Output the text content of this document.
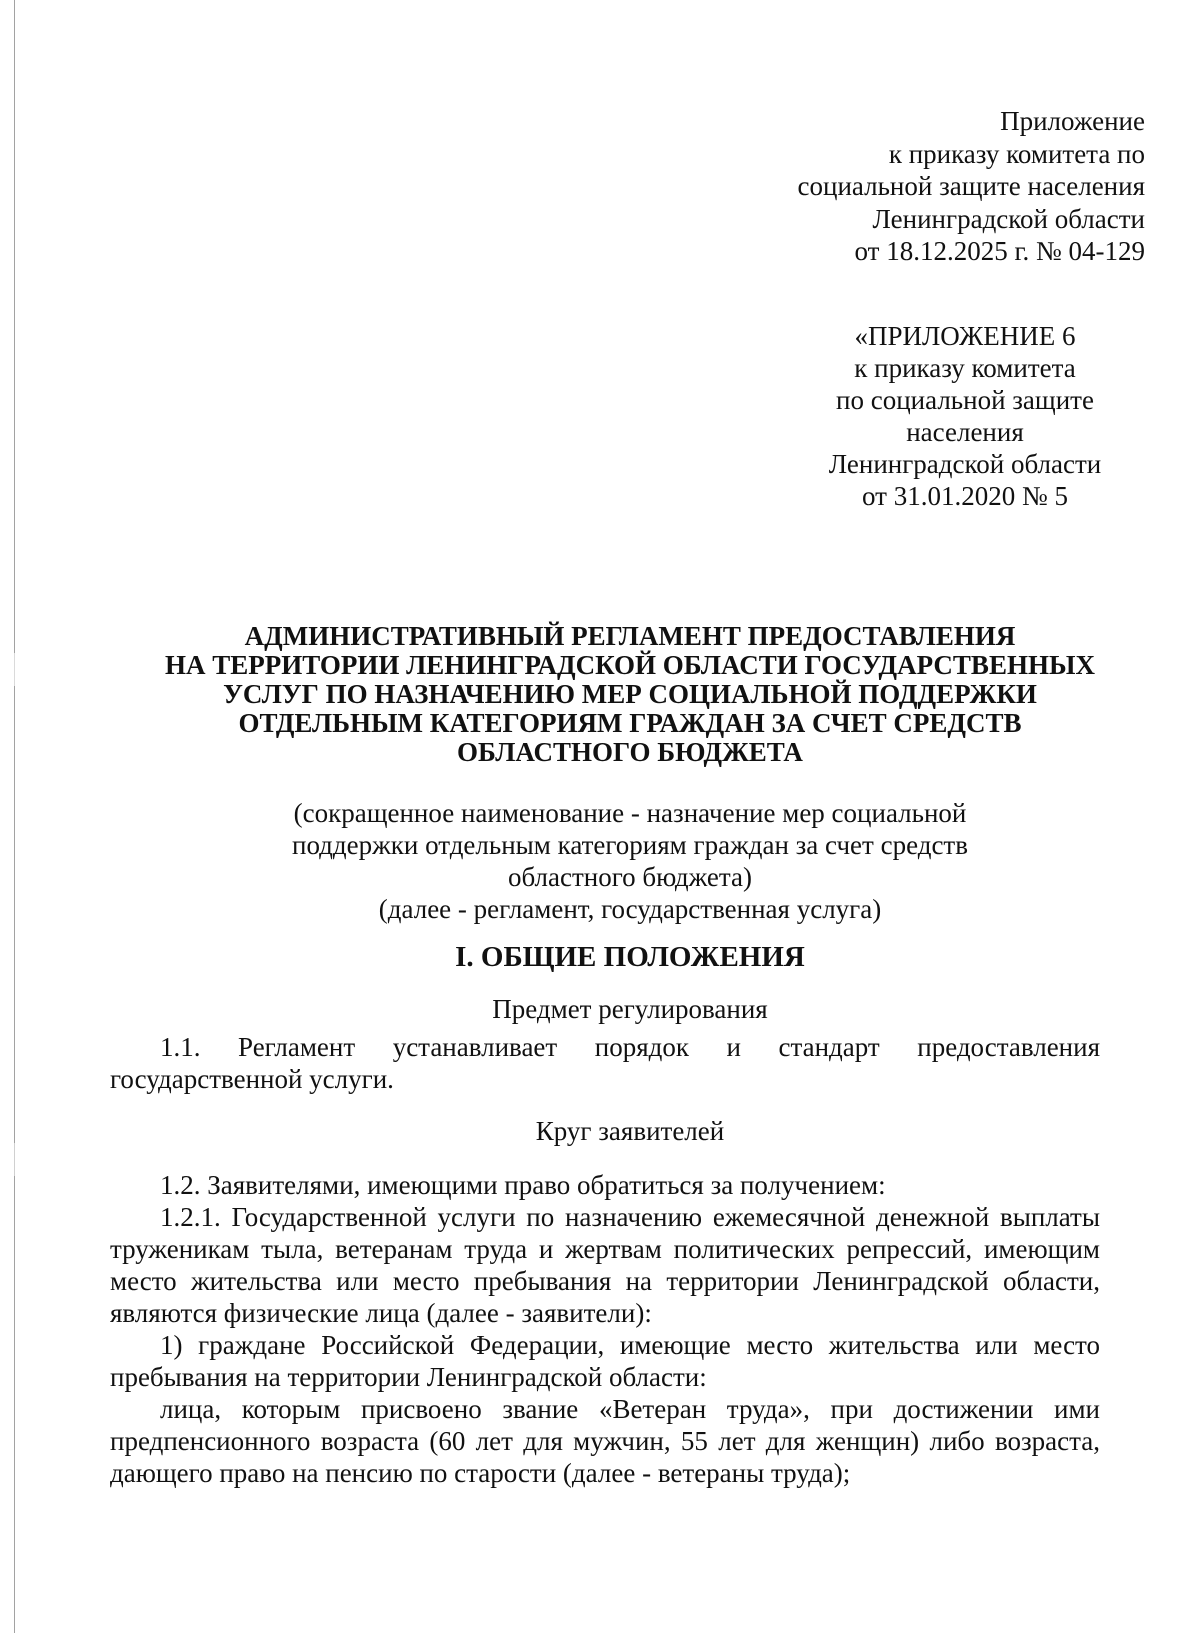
Приложение
к приказу комитета по
социальной защите населения
Ленинградской области
от 18.12.2025 г. № 04-129
«ПРИЛОЖЕНИЕ 6
к приказу комитета
по социальной защите
населения
Ленинградской области
от 31.01.2020 № 5
АДМИНИСТРАТИВНЫЙ РЕГЛАМЕНТ ПРЕДОСТАВЛЕНИЯ
НА ТЕРРИТОРИИ ЛЕНИНГРАДСКОЙ ОБЛАСТИ ГОСУДАРСТВЕННЫХ
УСЛУГ ПО НАЗНАЧЕНИЮ МЕР СОЦИАЛЬНОЙ ПОДДЕРЖКИ
ОТДЕЛЬНЫМ КАТЕГОРИЯМ ГРАЖДАН ЗА СЧЕТ СРЕДСТВ
ОБЛАСТНОГО БЮДЖЕТА
(сокращенное наименование - назначение мер социальной
поддержки отдельным категориям граждан за счет средств
областного бюджета)
(далее - регламент, государственная услуга)
I. ОБЩИЕ ПОЛОЖЕНИЯ
Предмет регулирования
1.1. Регламент устанавливает порядок и стандарт предоставления
государственной услуги.
Круг заявителей
1.2. Заявителями, имеющими право обратиться за получением:
1.2.1. Государственной услуги по назначению ежемесячной денежной выплаты
труженикам тыла, ветеранам труда и жертвам политических репрессий, имеющим
место жительства или место пребывания на территории Ленинградской области,
являются физические лица (далее - заявители):
1) граждане Российской Федерации, имеющие место жительства или место
пребывания на территории Ленинградской области:
лица, которым присвоено звание «Ветеран труда», при достижении ими
предпенсионного возраста (60 лет для мужчин, 55 лет для женщин) либо возраста,
дающего право на пенсию по старости (далее - ветераны труда);
